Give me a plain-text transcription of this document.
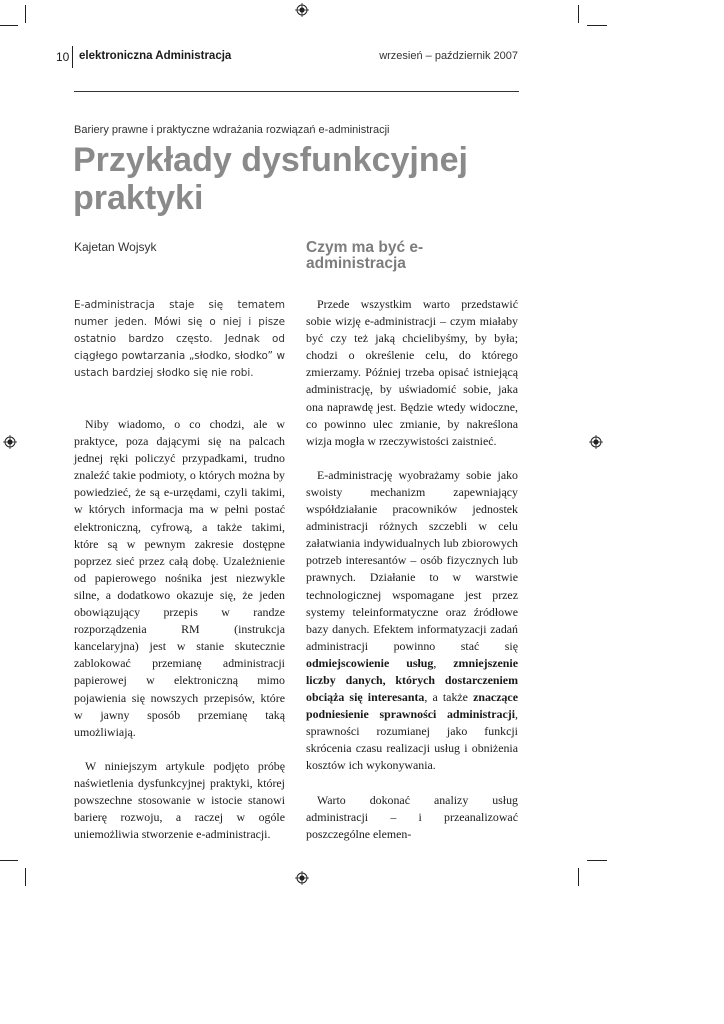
10 elektroniczna Administracja	wrzesień – październik 2007
Bariery prawne i praktyczne wdrażania rozwiązań e-administracji
Przykłady dysfunkcyjnej praktyki
Kajetan Wojsyk

E-administracja staje się tematem numer jeden. Mówi się o niej i pisze ostatnio bardzo często. Jednak od ciągłego powtarzania „słodko, słodko” w ustach bardziej słodko się nie robi.

Niby wiadomo, o co chodzi, ale w praktyce, poza dającymi się na palcach jednej ręki policzyć przypadkami, trudno znaleźć takie podmioty, o których można by powiedzieć, że są e-urzędami, czyli takimi, w których informacja ma w pełni postać elektroniczną, cyfrową, a także takimi, które są w pewnym zakresie dostępne poprzez sieć przez całą dobę. Uzależnienie od papierowego nośnika jest niezwykle silne, a dodatkowo okazuje się, że jeden obowiązujący przepis w randze rozporządzenia RM (instrukcja kancelaryjna) jest w stanie skutecznie zablokować przemianę administracji papierowej w elektroniczną mimo pojawienia się nowszych przepisów, które w jawny sposób przemianę taką umożliwiają.

W niniejszym artykule podjęto próbę naświetlenia dysfunkcyjnej praktyki, której powszechne stosowanie w istocie stanowi barierę rozwoju, a raczej w ogóle uniemożliwia stworzenie e-administracji.

Czym ma być e-administracja

Przede wszystkim warto przedstawić sobie wizję e-administracji – czym miałaby być czy też jaką chcielibyśmy, by była; chodzi o określenie celu, do którego zmierzamy. Później trzeba opisać istniejącą administrację, by uświadomić sobie, jaka ona naprawdę jest. Będzie wtedy widoczne, co powinno ulec zmianie, by nakreślona wizja mogła w rzeczywistości zaistnieć.

E-administrację wyobrażamy sobie jako swoisty mechanizm zapewniający współdziałanie pracowników jednostek administracji różnych szczebli w celu załatwiania indywidualnych lub zbiorowych potrzeb interesantów – osób fizycznych lub prawnych. Działanie to w warstwie technologicznej wspomagane jest przez systemy teleinformatyczne oraz źródłowe bazy danych. Efektem informatyzacji zadań administracji powinno stać się odmiejscowienie usług, zmniejszenie liczby danych, których dostarczeniem obciąża się interesanta, a także znaczące podniesienie sprawności administracji, sprawności rozumianej jako funkcji skrócenia czasu realizacji usług i obniżenia kosztów ich wykonywania.

Warto dokonać analizy usług administracji – i przeanalizować poszczególne elemen-
